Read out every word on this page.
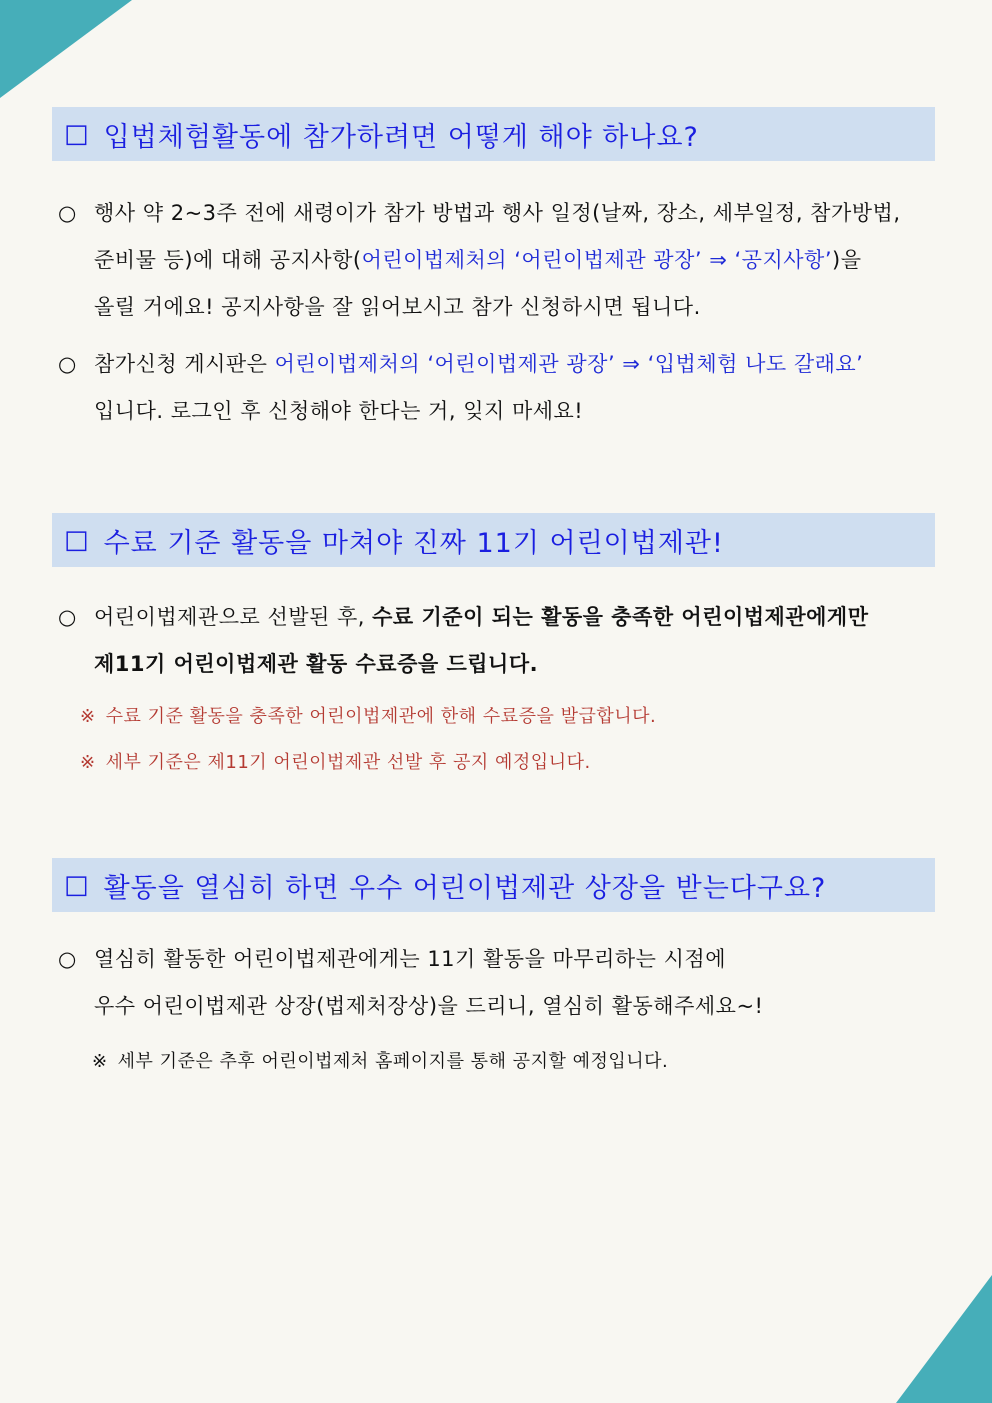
□ 입법체험활동에 참가하려면 어떻게 해야 하나요?
○ 행사 약 2~3주 전에 새령이가 참가 방법과 행사 일정(날짜, 장소, 세부일정, 참가방법,
준비물 등)에 대해 공지사항(어린이법제처의 ‘어린이법제관 광장’ ⇒ ‘공지사항’)을
올릴 거에요! 공지사항을 잘 읽어보시고 참가 신청하시면 됩니다.
○ 참가신청 게시판은 어린이법제처의 ‘어린이법제관 광장’ ⇒ ‘입법체험 나도 갈래요’
입니다. 로그인 후 신청해야 한다는 거, 잊지 마세요!
□ 수료 기준 활동을 마쳐야 진짜 11기 어린이법제관!
○ 어린이법제관으로 선발된 후, 수료 기준이 되는 활동을 충족한 어린이법제관에게만
제11기 어린이법제관 활동 수료증을 드립니다.
※ 수료 기준 활동을 충족한 어린이법제관에 한해 수료증을 발급합니다.
※ 세부 기준은 제11기 어린이법제관 선발 후 공지 예정입니다.
□ 활동을 열심히 하면 우수 어린이법제관 상장을 받는다구요?
○ 열심히 활동한 어린이법제관에게는 11기 활동을 마무리하는 시점에
우수 어린이법제관 상장(법제처장상)을 드리니, 열심히 활동해주세요~!
※ 세부 기준은 추후 어린이법제처 홈페이지를 통해 공지할 예정입니다.
